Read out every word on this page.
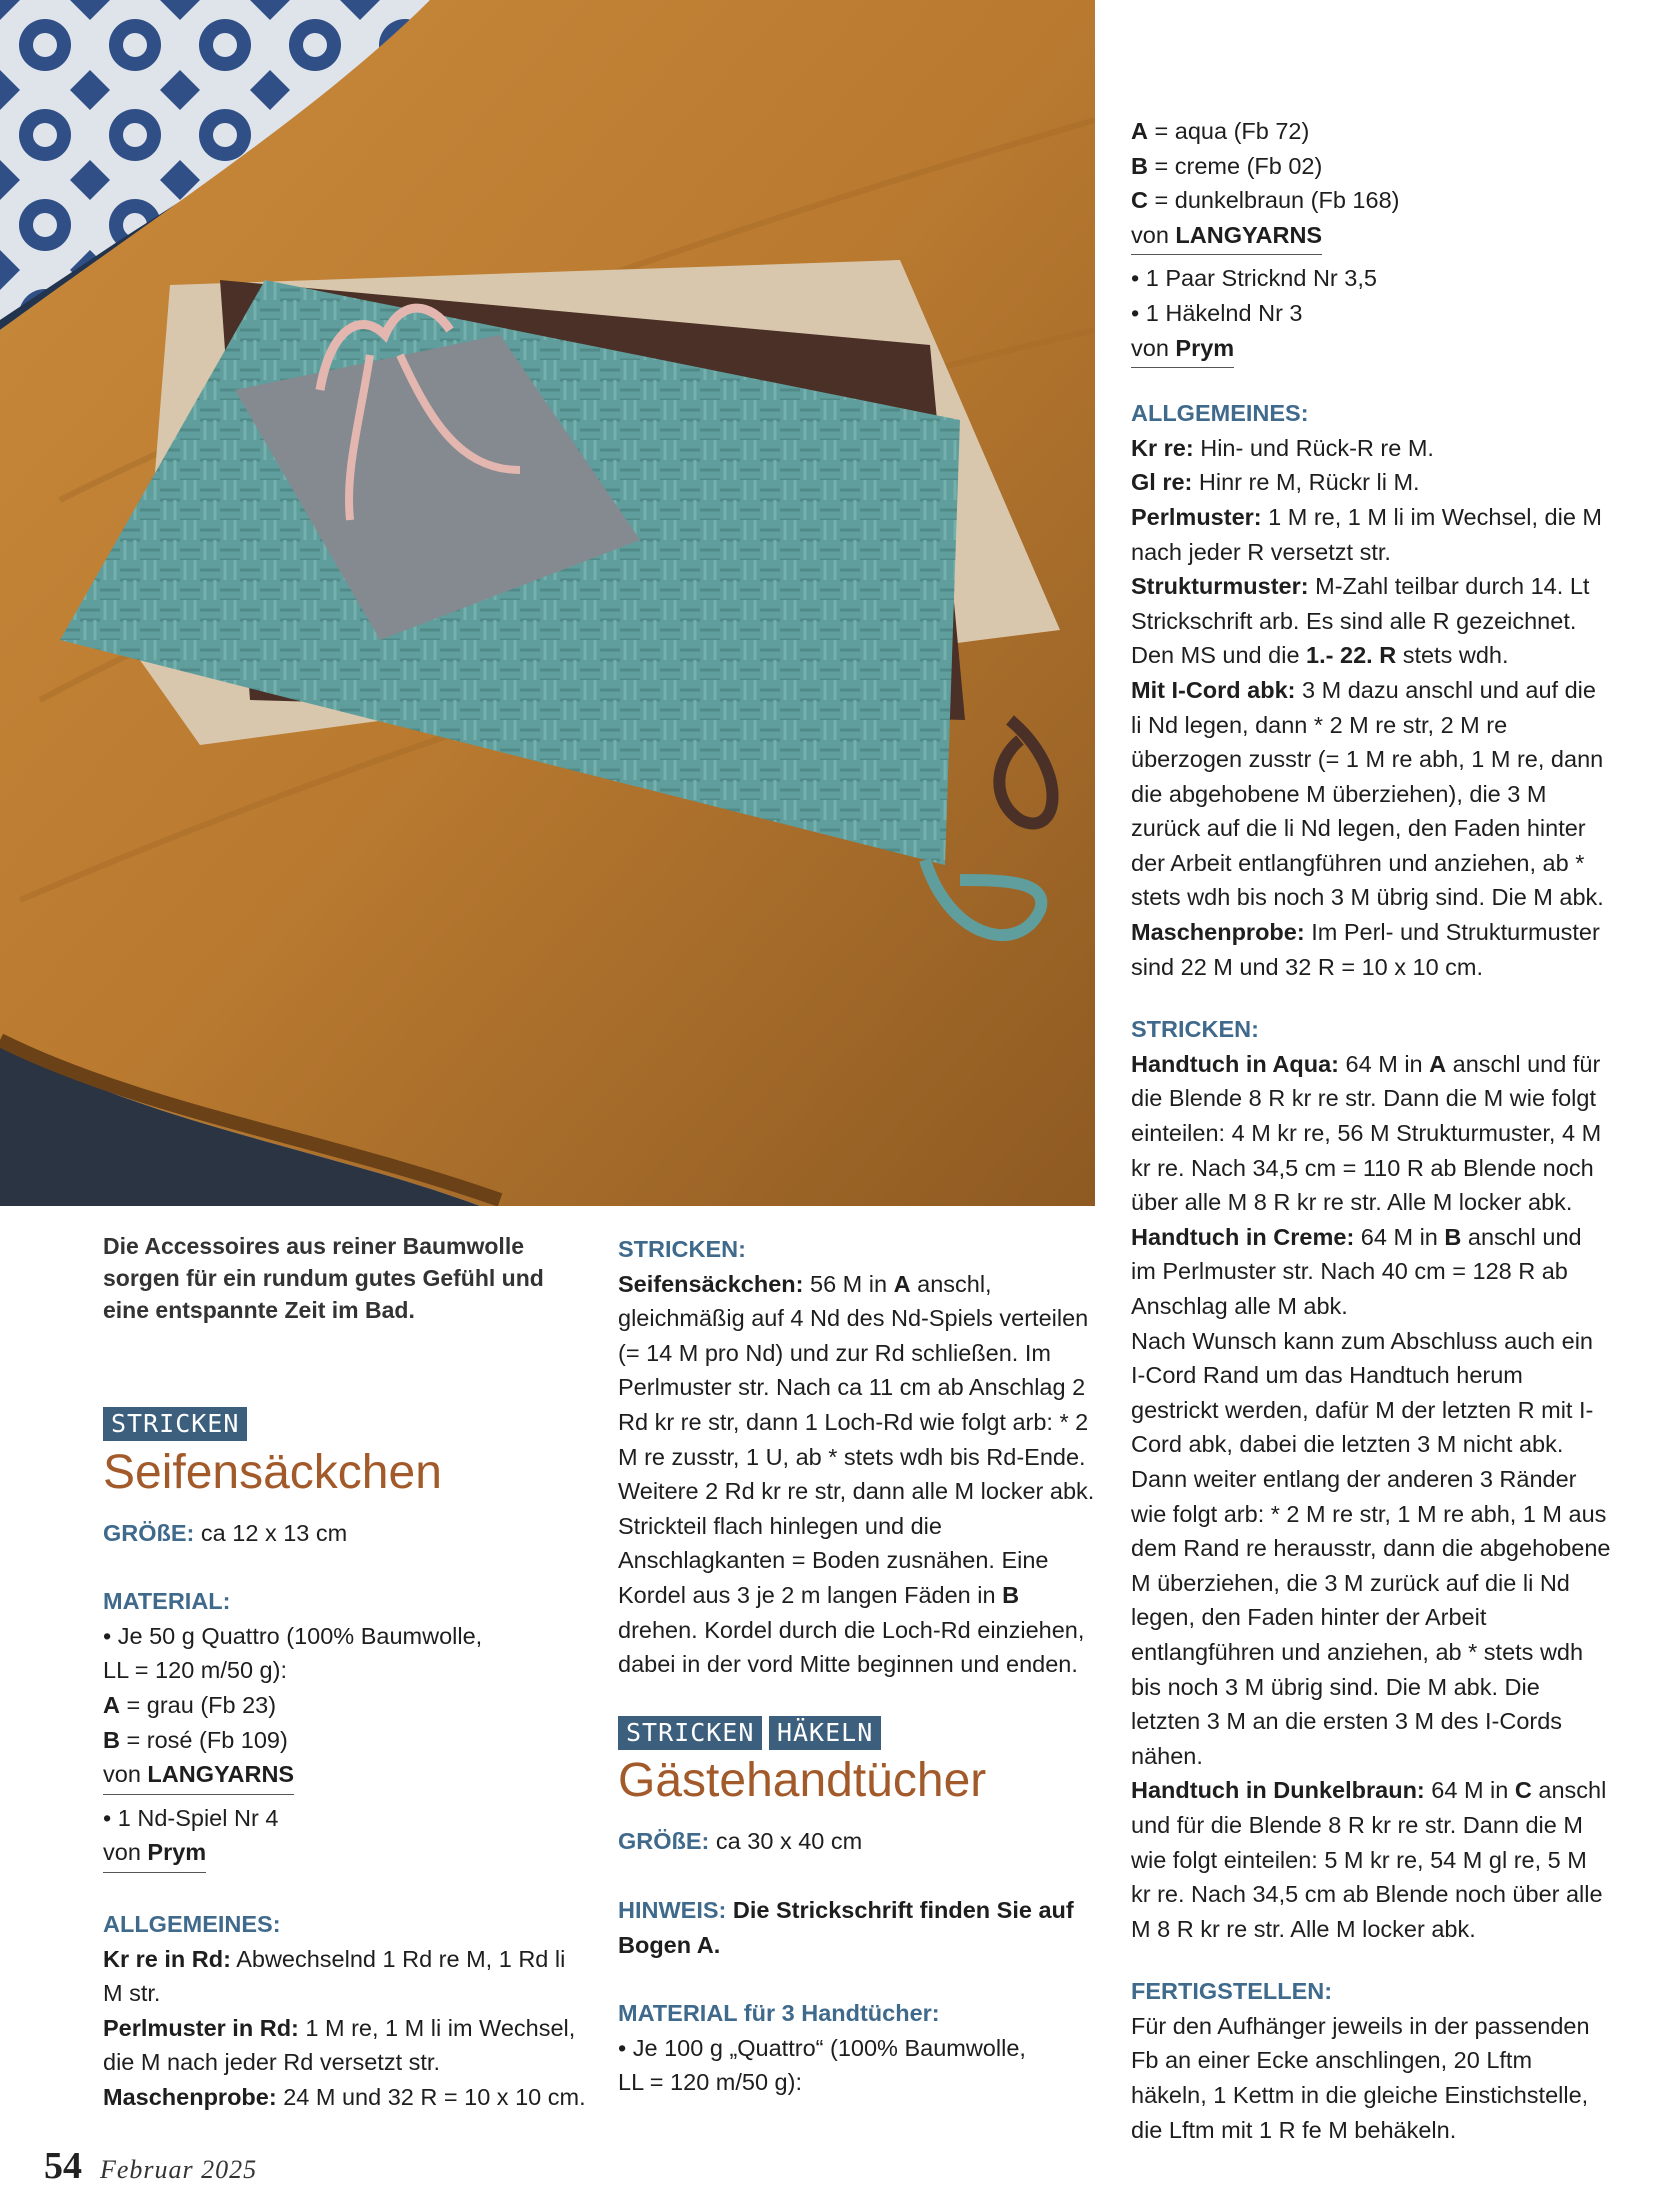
Die Accessoires aus reiner Baumwolle sorgen für ein rundum gutes Gefühl und eine entspannte Zeit im Bad.
STRICKEN
Seifensäckchen

GRÖßE: ca 12 x 13 cm

MATERIAL:

• Je 50 g Quattro (100% Baumwolle,

LL = 120 m/50 g):

A = grau (Fb 23)

B = rosé (Fb 109)

von LANGYARNS

• 1 Nd-Spiel Nr 4

von Prym

ALLGEMEINES:

Kr re in Rd: Abwechselnd 1 Rd re M, 1 Rd li M str.

Perlmuster in Rd: 1 M re, 1 M li im Wechsel, die M nach jeder Rd versetzt str.

Maschenprobe: 24 M und 32 R = 10 x 10 cm.

STRICKEN:

Seifensäckchen: 56 M in A anschl, gleichmäßig auf 4 Nd des Nd-Spiels verteilen (= 14 M pro Nd) und zur Rd schließen. Im Perlmuster str. Nach ca 11 cm ab Anschlag 2 Rd kr re str, dann 1 Loch-Rd wie folgt arb: * 2 M re zusstr, 1 U, ab * stets wdh bis Rd-Ende. Weitere 2 Rd kr re str, dann alle M locker abk. Strickteil flach hinlegen und die Anschlagkanten = Boden zusnähen. Eine Kordel aus 3 je 2 m langen Fäden in B drehen. Kordel durch die Loch-Rd einziehen, dabei in der vord Mitte beginnen und enden.

STRICKEN HÄKELN
Gästehandtücher

GRÖßE: ca 30 x 40 cm

HINWEIS: Die Strickschrift finden Sie auf Bogen A.

MATERIAL für 3 Handtücher:

• Je 100 g „Quattro“ (100% Baumwolle,

LL = 120 m/50 g):

A = aqua (Fb 72)

B = creme (Fb 02)

C = dunkelbraun (Fb 168)

von LANGYARNS

• 1 Paar Stricknd Nr 3,5

• 1 Häkelnd Nr 3

von Prym

ALLGEMEINES:

Kr re: Hin- und Rück-R re M.

Gl re: Hinr re M, Rückr li M.

Perlmuster: 1 M re, 1 M li im Wechsel, die M nach jeder R versetzt str.

Strukturmuster: M-Zahl teilbar durch 14. Lt Strickschrift arb. Es sind alle R gezeichnet. Den MS und die 1.- 22. R stets wdh.

Mit I-Cord abk: 3 M dazu anschl und auf die li Nd legen, dann * 2 M re str, 2 M re überzogen zusstr (= 1 M re abh, 1 M re, dann die abgehobene M überziehen), die 3 M zurück auf die li Nd legen, den Faden hinter der Arbeit entlangführen und anziehen, ab * stets wdh bis noch 3 M übrig sind. Die M abk.

Maschenprobe: Im Perl- und Strukturmuster sind 22 M und 32 R = 10 x 10 cm.

STRICKEN:

Handtuch in Aqua: 64 M in A anschl und für die Blende 8 R kr re str. Dann die M wie folgt einteilen: 4 M kr re, 56 M Strukturmuster, 4 M kr re. Nach 34,5 cm = 110 R ab Blende noch über alle M 8 R kr re str. Alle M locker abk.

Handtuch in Creme: 64 M in B anschl und im Perlmuster str. Nach 40 cm = 128 R ab Anschlag alle M abk.

Nach Wunsch kann zum Abschluss auch ein I-Cord Rand um das Handtuch herum gestrickt werden, dafür M der letzten R mit I-Cord abk, dabei die letzten 3 M nicht abk. Dann weiter entlang der anderen 3 Ränder wie folgt arb: * 2 M re str, 1 M re abh, 1 M aus dem Rand re herausstr, dann die abgehobene M überziehen, die 3 M zurück auf die li Nd legen, den Faden hinter der Arbeit entlangführen und anziehen, ab * stets wdh bis noch 3 M übrig sind. Die M abk. Die letzten 3 M an die ersten 3 M des I-Cords nähen.

Handtuch in Dunkelbraun: 64 M in C anschl und für die Blende 8 R kr re str. Dann die M wie folgt einteilen: 5 M kr re, 54 M gl re, 5 M kr re. Nach 34,5 cm ab Blende noch über alle M 8 R kr re str. Alle M locker abk.

FERTIGSTELLEN:

Für den Aufhänger jeweils in der passenden Fb an einer Ecke anschlingen, 20 Lftm häkeln, 1 Kettm in die gleiche Einstichstelle, die Lftm mit 1 R fe M behäkeln.

54 Februar 2025
